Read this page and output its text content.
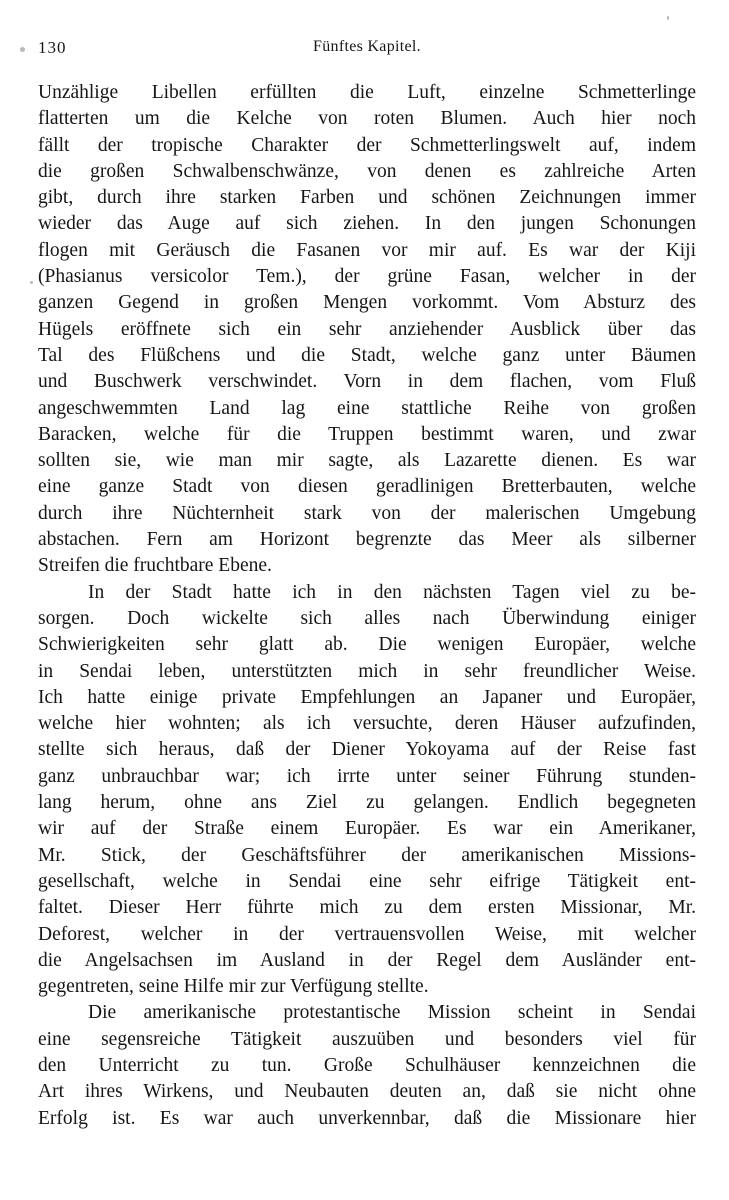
130	Fünftes Kapitel.
Unzählige Libellen erfüllten die Luft, einzelne Schmetterlinge
flatterten um die Kelche von roten Blumen. Auch hier noch
fällt der tropische Charakter der Schmetterlingswelt auf, indem
die großen Schwalbenschwänze, von denen es zahlreiche Arten
gibt, durch ihre starken Farben und schönen Zeichnungen immer
wieder das Auge auf sich ziehen. In den jungen Schonungen
flogen mit Geräusch die Fasanen vor mir auf. Es war der Kiji
(Phasianus versicolor Tem.), der grüne Fasan, welcher in der
ganzen Gegend in großen Mengen vorkommt. Vom Absturz des
Hügels eröffnete sich ein sehr anziehender Ausblick über das
Tal des Flüßchens und die Stadt, welche ganz unter Bäumen
und Buschwerk verschwindet. Vorn in dem flachen, vom Fluß
angeschwemmten Land lag eine stattliche Reihe von großen
Baracken, welche für die Truppen bestimmt waren, und zwar
sollten sie, wie man mir sagte, als Lazarette dienen. Es war
eine ganze Stadt von diesen geradlinigen Bretterbauten, welche
durch ihre Nüchternheit stark von der malerischen Umgebung
abstachen. Fern am Horizont begrenzte das Meer als silberner
Streifen die fruchtbare Ebene.
In der Stadt hatte ich in den nächsten Tagen viel zu be-
sorgen. Doch wickelte sich alles nach Überwindung einiger
Schwierigkeiten sehr glatt ab. Die wenigen Europäer, welche
in Sendai leben, unterstützten mich in sehr freundlicher Weise.
Ich hatte einige private Empfehlungen an Japaner und Europäer,
welche hier wohnten; als ich versuchte, deren Häuser aufzufinden,
stellte sich heraus, daß der Diener Yokoyama auf der Reise fast
ganz unbrauchbar war; ich irrte unter seiner Führung stunden-
lang herum, ohne ans Ziel zu gelangen. Endlich begegneten
wir auf der Straße einem Europäer. Es war ein Amerikaner,
Mr. Stick, der Geschäftsführer der amerikanischen Missions-
gesellschaft, welche in Sendai eine sehr eifrige Tätigkeit ent-
faltet. Dieser Herr führte mich zu dem ersten Missionar, Mr.
Deforest, welcher in der vertrauensvollen Weise, mit welcher
die Angelsachsen im Ausland in der Regel dem Ausländer ent-
gegentreten, seine Hilfe mir zur Verfügung stellte.
Die amerikanische protestantische Mission scheint in Sendai
eine segensreiche Tätigkeit auszuüben und besonders viel für
den Unterricht zu tun. Große Schulhäuser kennzeichnen die
Art ihres Wirkens, und Neubauten deuten an, daß sie nicht ohne
Erfolg ist. Es war auch unverkennbar, daß die Missionare hier
